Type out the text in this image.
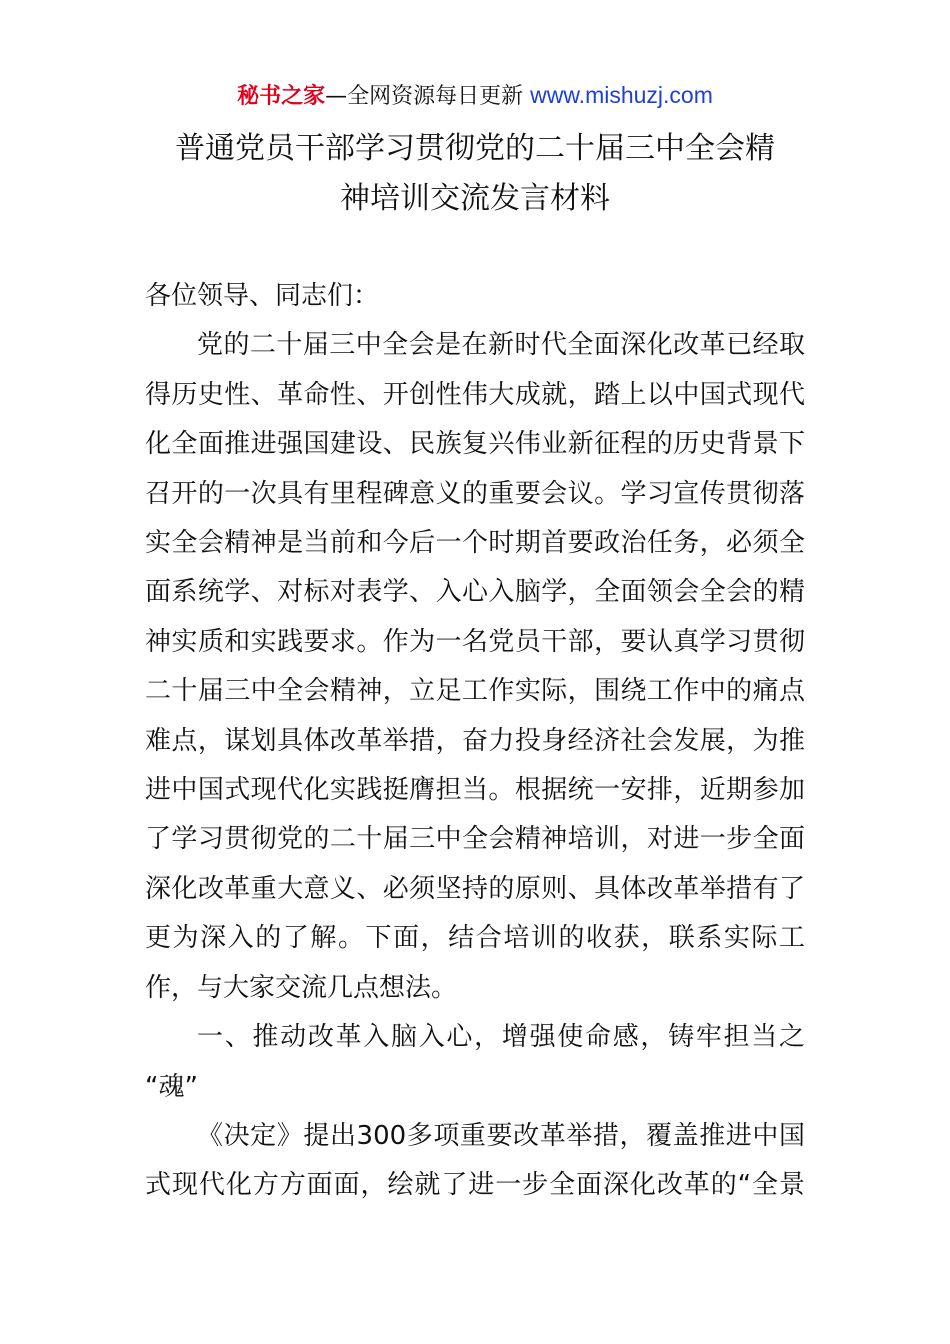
秘书之家—全网资源每日更新 www.mishuzj.com
普通党员干部学习贯彻党的二十届三中全会精
神培训交流发言材料
各位领导、同志们：

党的二十届三中全会是在新时代全面深化改革已经取
得历史性、革命性、开创性伟大成就，踏上以中国式现代
化全面推进强国建设、民族复兴伟业新征程的历史背景下
召开的一次具有里程碑意义的重要会议。学习宣传贯彻落
实全会精神是当前和今后一个时期首要政治任务，必须全
面系统学、对标对表学、入心入脑学，全面领会全会的精
神实质和实践要求。作为一名党员干部，要认真学习贯彻
二十届三中全会精神，立足工作实际，围绕工作中的痛点
难点，谋划具体改革举措，奋力投身经济社会发展，为推
进中国式现代化实践挺膺担当。根据统一安排，近期参加
了学习贯彻党的二十届三中全会精神培训，对进一步全面
深化改革重大意义、必须坚持的原则、具体改革举措有了
更为深入的了解。下面，结合培训的收获，联系实际工
作，与大家交流几点想法。

一、推动改革入脑入心，增强使命感，铸牢担当之
“魂”

《决定》提出300多项重要改革举措，覆盖推进中国
式现代化方方面面，绘就了进一步全面深化改革的“全景
